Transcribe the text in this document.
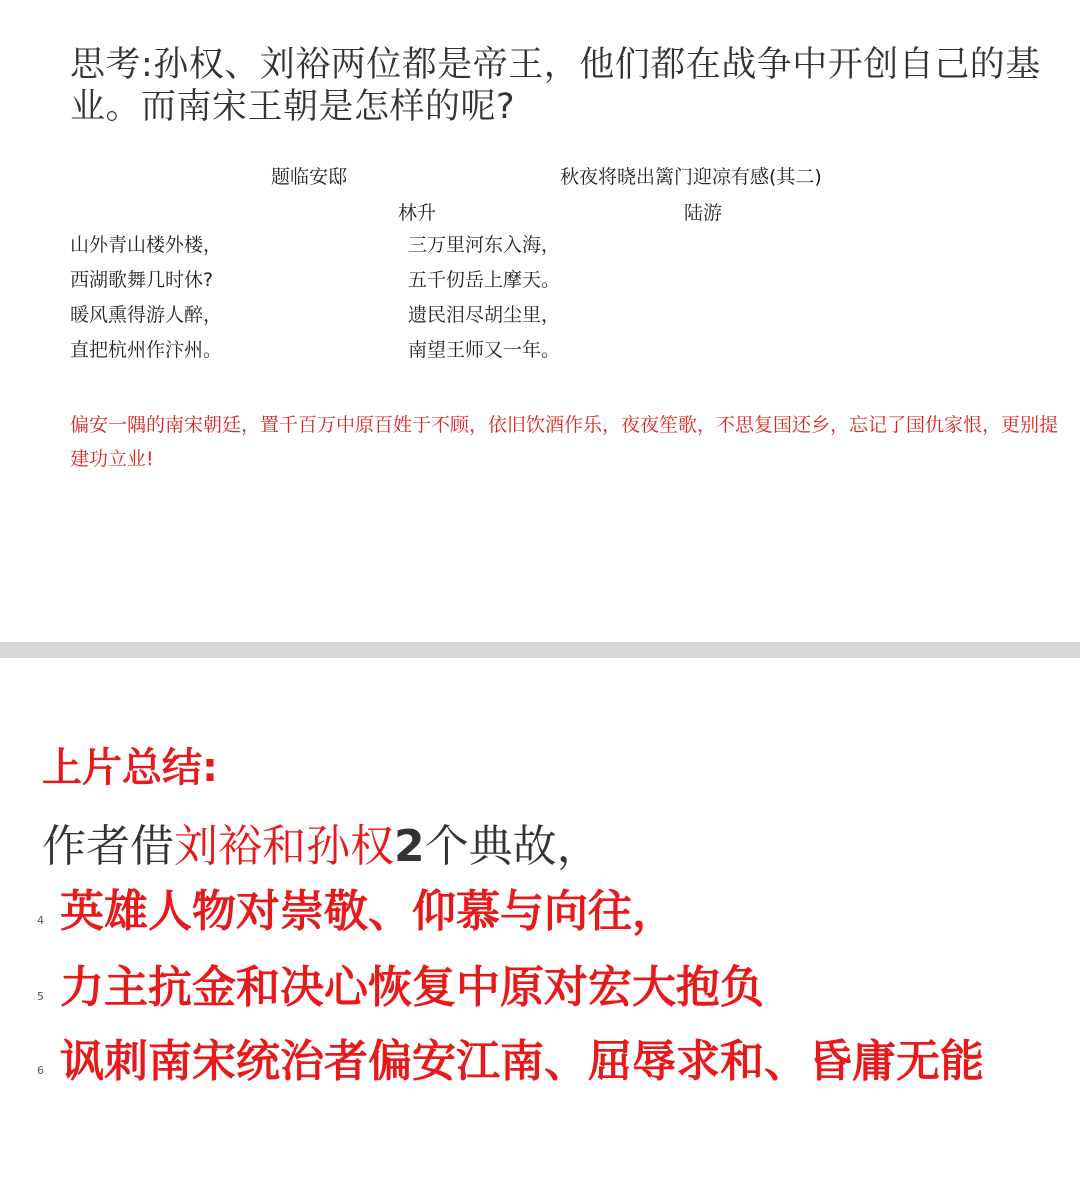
思考:孙权、刘裕两位都是帝王，他们都在战争中开创自己的基业。而南宋王朝是怎样的呢?

题临安邸	秋夜将晓出篱门迎凉有感(其二)
林升	陆游
山外青山楼外楼，
西湖歌舞几时休?
暖风熏得游人醉，
直把杭州作汴州。
三万里河东入海，
五千仞岳上摩天。
遗民泪尽胡尘里，
南望王师又一年。

偏安一隅的南宋朝廷，置千百万中原百姓于不顾，依旧饮酒作乐，夜夜笙歌，不思复国还乡，忘记了国仇家恨，更别提建功立业!

上片总结:

作者借刘裕和孙权2个典故，

4 英雄人物对崇敬、仰慕与向往，
5 力主抗金和决心恢复中原对宏大抱负
6 讽刺南宋统治者偏安江南、屈辱求和、昏庸无能
